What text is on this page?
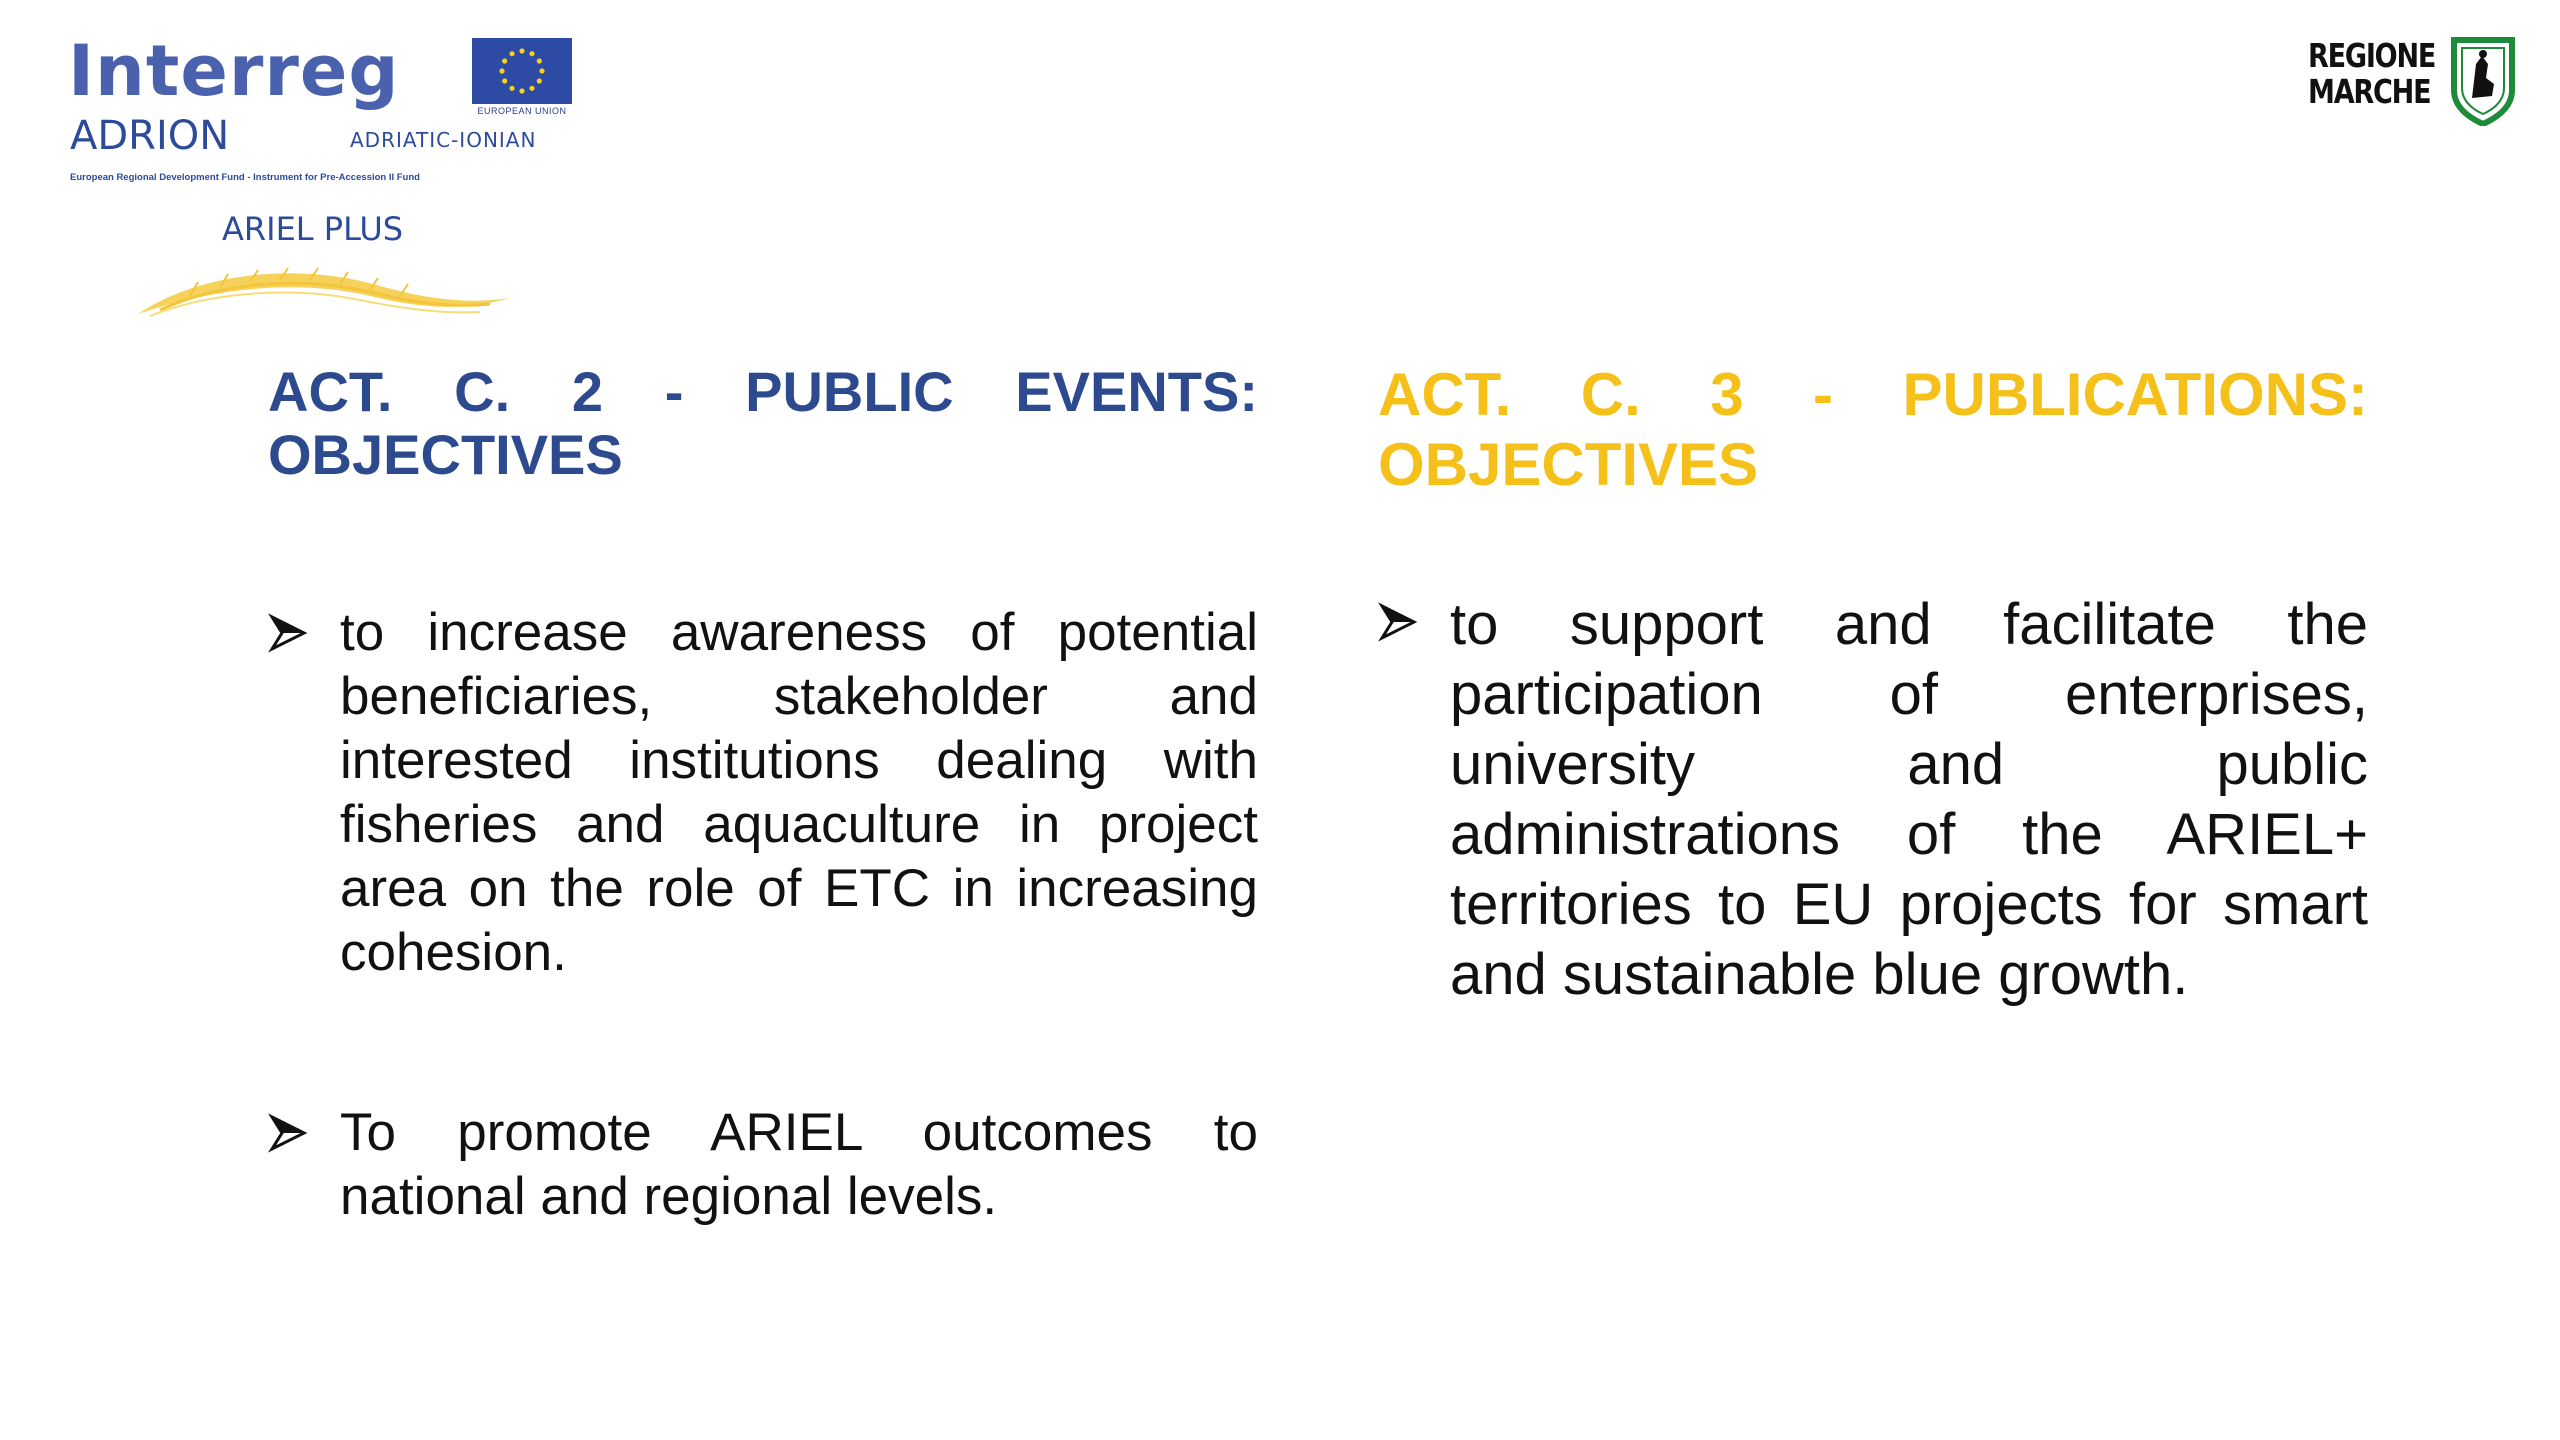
Interreg	EUROPEAN UNION
ADRION	ADRIATIC-IONIAN
European Regional Development Fund - Instrument for Pre-Accession II Fund
ARIEL PLUS
REGIONE
MARCHE
ACT. C. 2 - PUBLIC EVENTS: OBJECTIVES
to increase awareness of potential beneficiaries, stakeholder and interested institutions dealing with fisheries and aquaculture in project area on the role of ETC in increasing cohesion.
To promote ARIEL outcomes to national and regional levels.
ACT. C. 3 - PUBLICATIONS: OBJECTIVES
to support and facilitate the participation of enterprises, university and public administrations of the ARIEL+ territories to EU projects for smart and sustainable blue growth.
